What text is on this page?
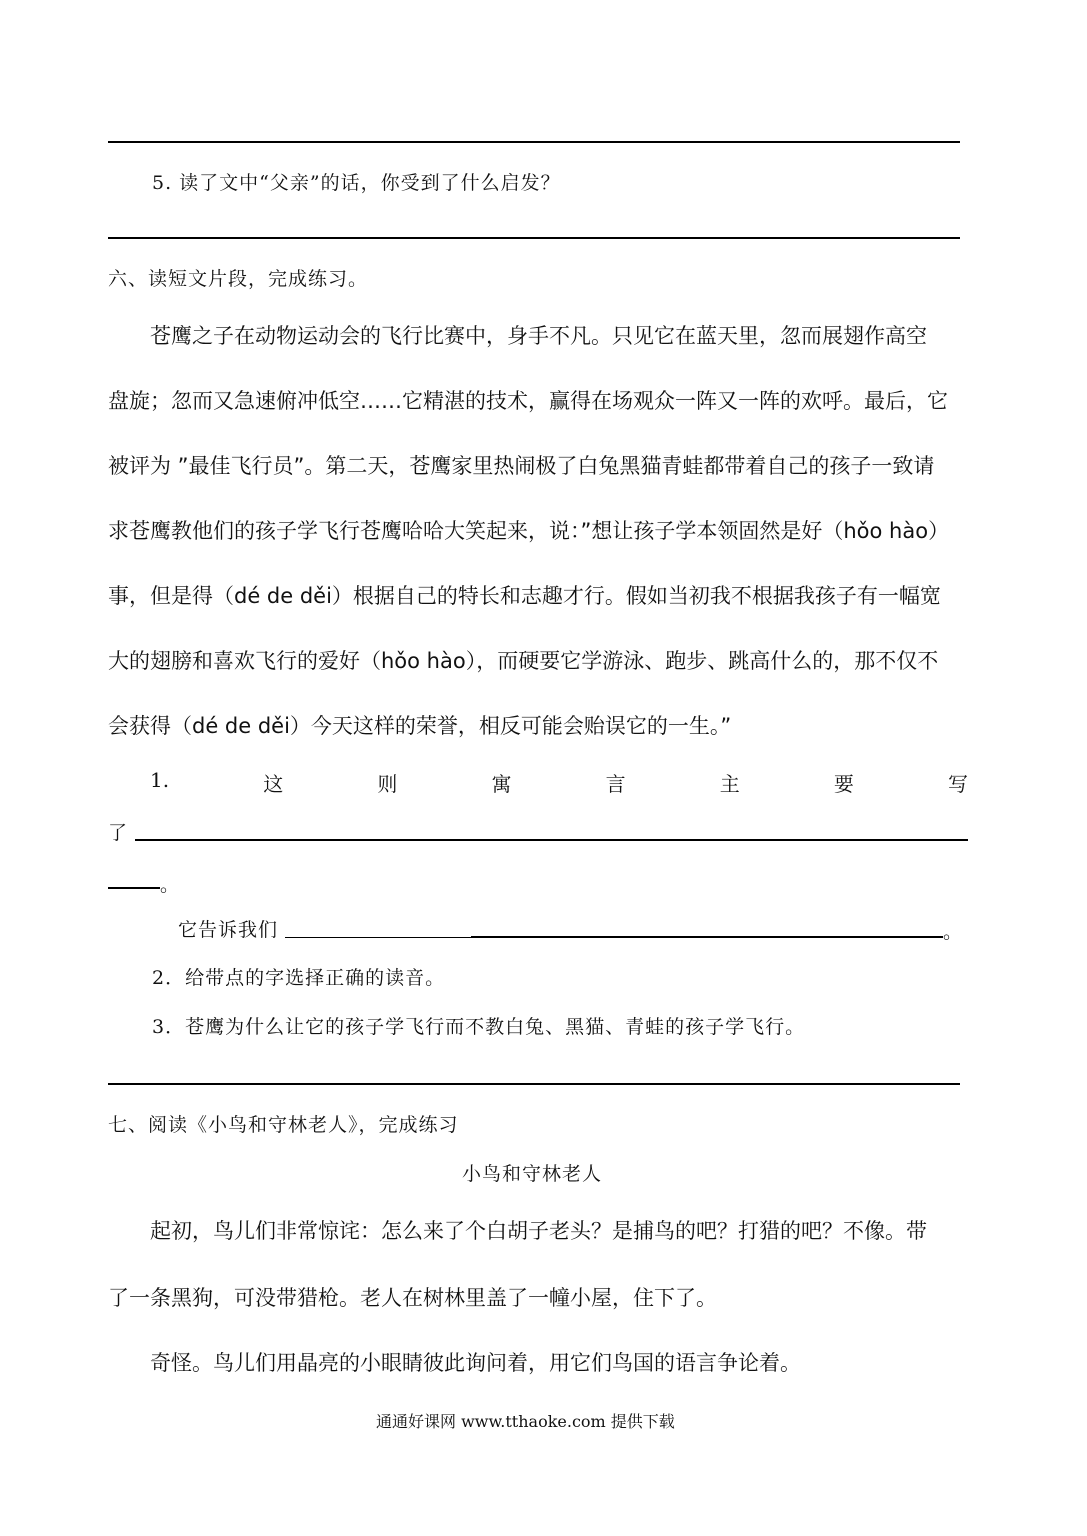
5. 读了文中“父亲”的话，你受到了什么启发？
六、读短文片段，完成练习。
苍鹰之子在动物运动会的飞行比赛中，身手不凡。只见它在蓝天里，忽而展翅作高空
盘旋；忽而又急速俯冲低空……它精湛的技术，赢得在场观众一阵又一阵的欢呼。最后，它
被评为 ”最佳飞行员”。第二天，苍鹰家里热闹极了白兔黑猫青蛙都带着自己的孩子一致请
求苍鹰教他们的孩子学飞行苍鹰哈哈大笑起来，说：”想让孩子学本领固然是好（hǒo hào）
事，但是得（dé de děi）根据自己的特长和志趣才行。假如当初我不根据我孩子有一幅宽
大的翅膀和喜欢飞行的爱好（hǒo hào），而硬要它学游泳、跑步、跳高什么的，那不仅不
会获得（dé de děi）今天这样的荣誉，相反可能会贻误它的一生。”
1.	这	则	寓	言	主	要	写
了
。
它告诉我们	。
2．给带点的字选择正确的读音。
3．苍鹰为什么让它的孩子学飞行而不教白兔、黑猫、青蛙的孩子学飞行。
七、阅读《小鸟和守林老人》，完成练习
小鸟和守林老人
起初，鸟儿们非常惊诧：怎么来了个白胡子老头？是捕鸟的吧？打猎的吧？不像。带
了一条黑狗，可没带猎枪。老人在树林里盖了一幢小屋，住下了。
奇怪。鸟儿们用晶亮的小眼睛彼此询问着，用它们鸟国的语言争论着。
通通好课网 www.tthaoke.com 提供下载
